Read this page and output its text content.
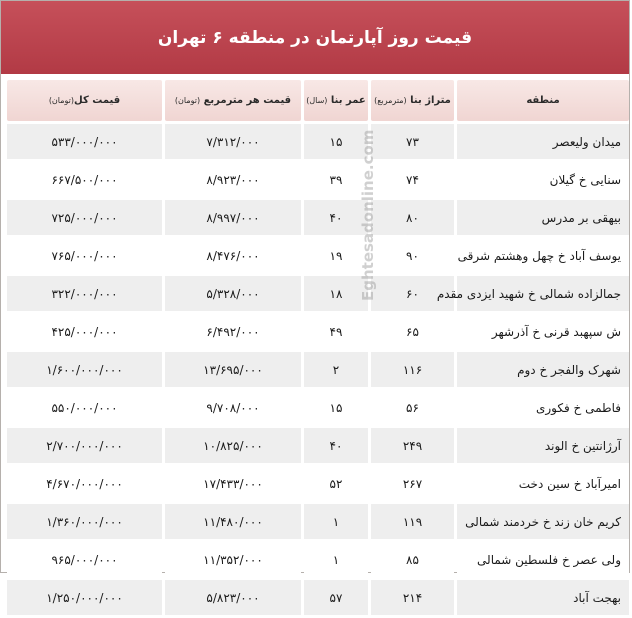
قیمت روز آپارتمان در منطقه ۶ تهران
منطقه	متراژ بنا (مترمربع)	عمر بنا (سال)	قیمت هر مترمربع (تومان)	قیمت کل(تومان)
میدان ولیعصر	۷۳	۱۵	۷/۳۱۲/۰۰۰	۵۳۳/۰۰۰/۰۰۰
سنایی خ گیلان	۷۴	۳۹	۸/۹۲۳/۰۰۰	۶۶۷/۵۰۰/۰۰۰
بیهقی بر مدرس	۸۰	۴۰	۸/۹۹۷/۰۰۰	۷۲۵/۰۰۰/۰۰۰
یوسف آباد خ چهل وهشتم شرقی	۹۰	۱۹	۸/۴۷۶/۰۰۰	۷۶۵/۰۰۰/۰۰۰
جمالزاده شمالی خ شهید ایزدی مقدم	۶۰	۱۸	۵/۳۲۸/۰۰۰	۳۲۲/۰۰۰/۰۰۰
ش سپهبد قرنی خ آذرشهر	۶۵	۴۹	۶/۴۹۲/۰۰۰	۴۲۵/۰۰۰/۰۰۰
شهرک والفجر خ دوم	۱۱۶	۲	۱۳/۶۹۵/۰۰۰	۱/۶۰۰/۰۰۰/۰۰۰
فاطمی خ فکوری	۵۶	۱۵	۹/۷۰۸/۰۰۰	۵۵۰/۰۰۰/۰۰۰
آرژانتین خ الوند	۲۴۹	۴۰	۱۰/۸۲۵/۰۰۰	۲/۷۰۰/۰۰۰/۰۰۰
امیرآباد خ سین دخت	۲۶۷	۵۲	۱۷/۴۳۳/۰۰۰	۴/۶۷۰/۰۰۰/۰۰۰
کریم خان زند خ خردمند شمالی	۱۱۹	۱	۱۱/۴۸۰/۰۰۰	۱/۳۶۰/۰۰۰/۰۰۰
ولی عصر خ فلسطین شمالی	۸۵	۱	۱۱/۳۵۲/۰۰۰	۹۶۵/۰۰۰/۰۰۰
بهجت آباد	۲۱۴	۵۷	۵/۸۲۳/۰۰۰	۱/۲۵۰/۰۰۰/۰۰۰
Eghtesadonline.com
